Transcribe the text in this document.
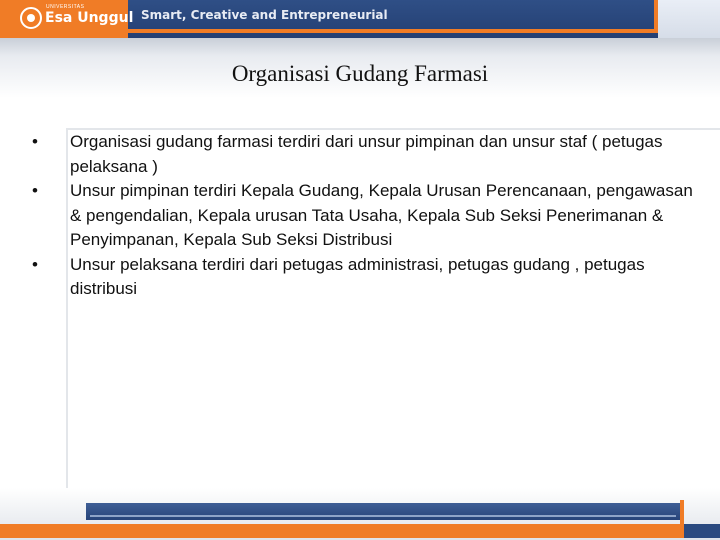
UNIVERSITAS
Esa Unggul Smart, Creative and Entrepreneurial
Organisasi Gudang Farmasi
•	Organisasi gudang farmasi terdiri dari unsur pimpinan dan unsur staf ( petugas pelaksana )
•	Unsur pimpinan terdiri Kepala Gudang, Kepala Urusan Perencanaan, pengawasan & pengendalian, Kepala urusan Tata Usaha, Kepala Sub Seksi Penerimanan & Penyimpanan, Kepala Sub Seksi Distribusi
•	Unsur pelaksana terdiri dari petugas administrasi, petugas gudang , petugas distribusi
